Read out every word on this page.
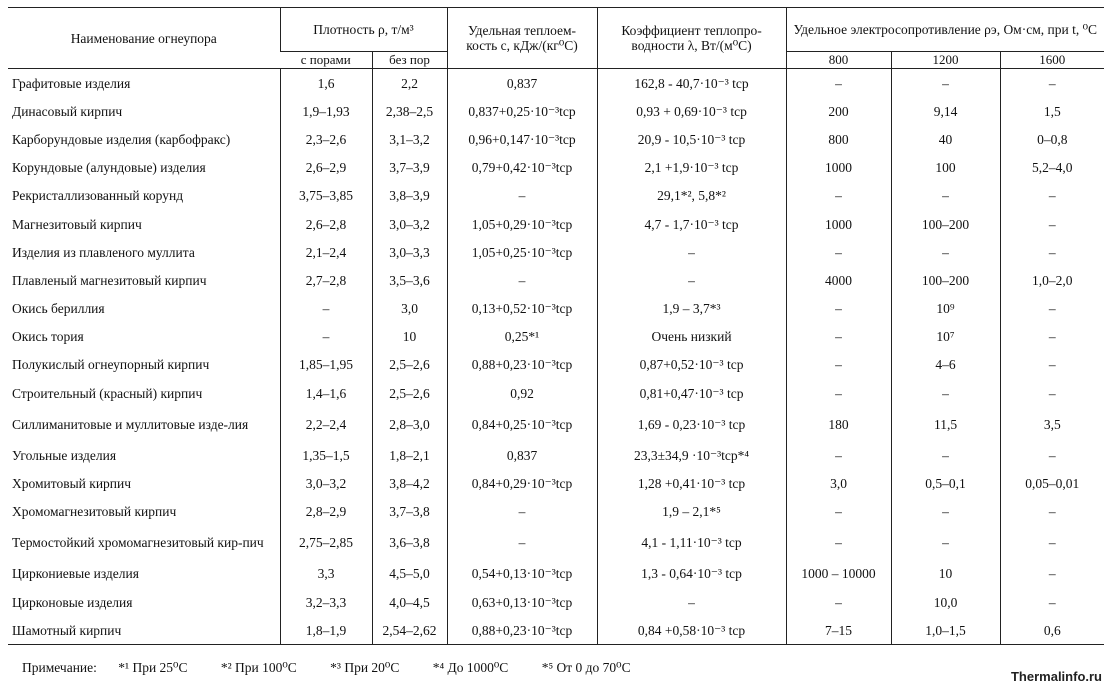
Наименование огнеупора	Плотность ρ, т/м³		Удельная теплоем-кость с, кДж/(кг⁰С)	Коэффициент теплопро-водности λ, Вт/(м⁰С)	Удельное электросопротивление ρэ, Ом·см, при t, ⁰С		
	с порами	без пор			800	1200	1600
Графитовые изделия	1,6	2,2	0,837	162,8 - 40,7·10⁻³ tср	–	–	–
Динасовый кирпич	1,9–1,93	2,38–2,5	0,837+0,25·10⁻³tср	0,93 + 0,69·10⁻³ tср	200	9,14	1,5
Карборундовые изделия (карбофракс)	2,3–2,6	3,1–3,2	0,96+0,147·10⁻³tср	20,9 - 10,5·10⁻³ tср	800	40	0–0,8
Корундовые (алундовые) изделия	2,6–2,9	3,7–3,9	0,79+0,42·10⁻³tср	2,1 +1,9·10⁻³ tср	1000	100	5,2–4,0
Рекристаллизованный корунд	3,75–3,85	3,8–3,9	–	29,1*², 5,8*²	–	–	–
Магнезитовый кирпич	2,6–2,8	3,0–3,2	1,05+0,29·10⁻³tср	4,7 - 1,7·10⁻³ tср	1000	100–200	–
Изделия из плавленого муллита	2,1–2,4	3,0–3,3	1,05+0,25·10⁻³tср	–	–	–	–
Плавленый магнезитовый кирпич	2,7–2,8	3,5–3,6	–	–	4000	100–200	1,0–2,0
Окись бериллия	–	3,0	0,13+0,52·10⁻³tср	1,9 – 3,7*³	–	10⁹	–
Окись тория	–	10	0,25*¹	Очень низкий	–	10⁷	–
Полукислый огнеупорный кирпич	1,85–1,95	2,5–2,6	0,88+0,23·10⁻³tср	0,87+0,52·10⁻³ tср	–	4–6	–
Строительный (красный) кирпич	1,4–1,6	2,5–2,6	0,92	0,81+0,47·10⁻³ tср	–	–	–
Силлиманитовые и муллитовые изде-лия	2,2–2,4	2,8–3,0	0,84+0,25·10⁻³tср	1,69 - 0,23·10⁻³ tср	180	11,5	3,5
Угольные изделия	1,35–1,5	1,8–2,1	0,837	23,3±34,9 ·10⁻³tср*⁴	–	–	–
Хромитовый кирпич	3,0–3,2	3,8–4,2	0,84+0,29·10⁻³tср	1,28 +0,41·10⁻³ tср	3,0	0,5–0,1	0,05–0,01
Хромомагнезитовый кирпич	2,8–2,9	3,7–3,8	–	1,9 – 2,1*⁵	–	–	–
Термостойкий хромомагнезитовый кир-пич	2,75–2,85	3,6–3,8	–	4,1 - 1,11·10⁻³ tср	–	–	–
Циркониевые изделия	3,3	4,5–5,0	0,54+0,13·10⁻³tср	1,3 - 0,64·10⁻³ tср	1000 – 10000	10	–
Цирконовые изделия	3,2–3,3	4,0–4,5	0,63+0,13·10⁻³tср	–	–	10,0	–
Шамотный кирпич	1,8–1,9	2,54–2,62	0,88+0,23·10⁻³tср	0,84 +0,58·10⁻³ tср	7–15	1,0–1,5	0,6
Примечание: *¹ При 25⁰С *² При 100⁰С *³ При 20⁰С *⁴ До 1000⁰С *⁵ От 0 до 70⁰С
Thermalinfo.ru
